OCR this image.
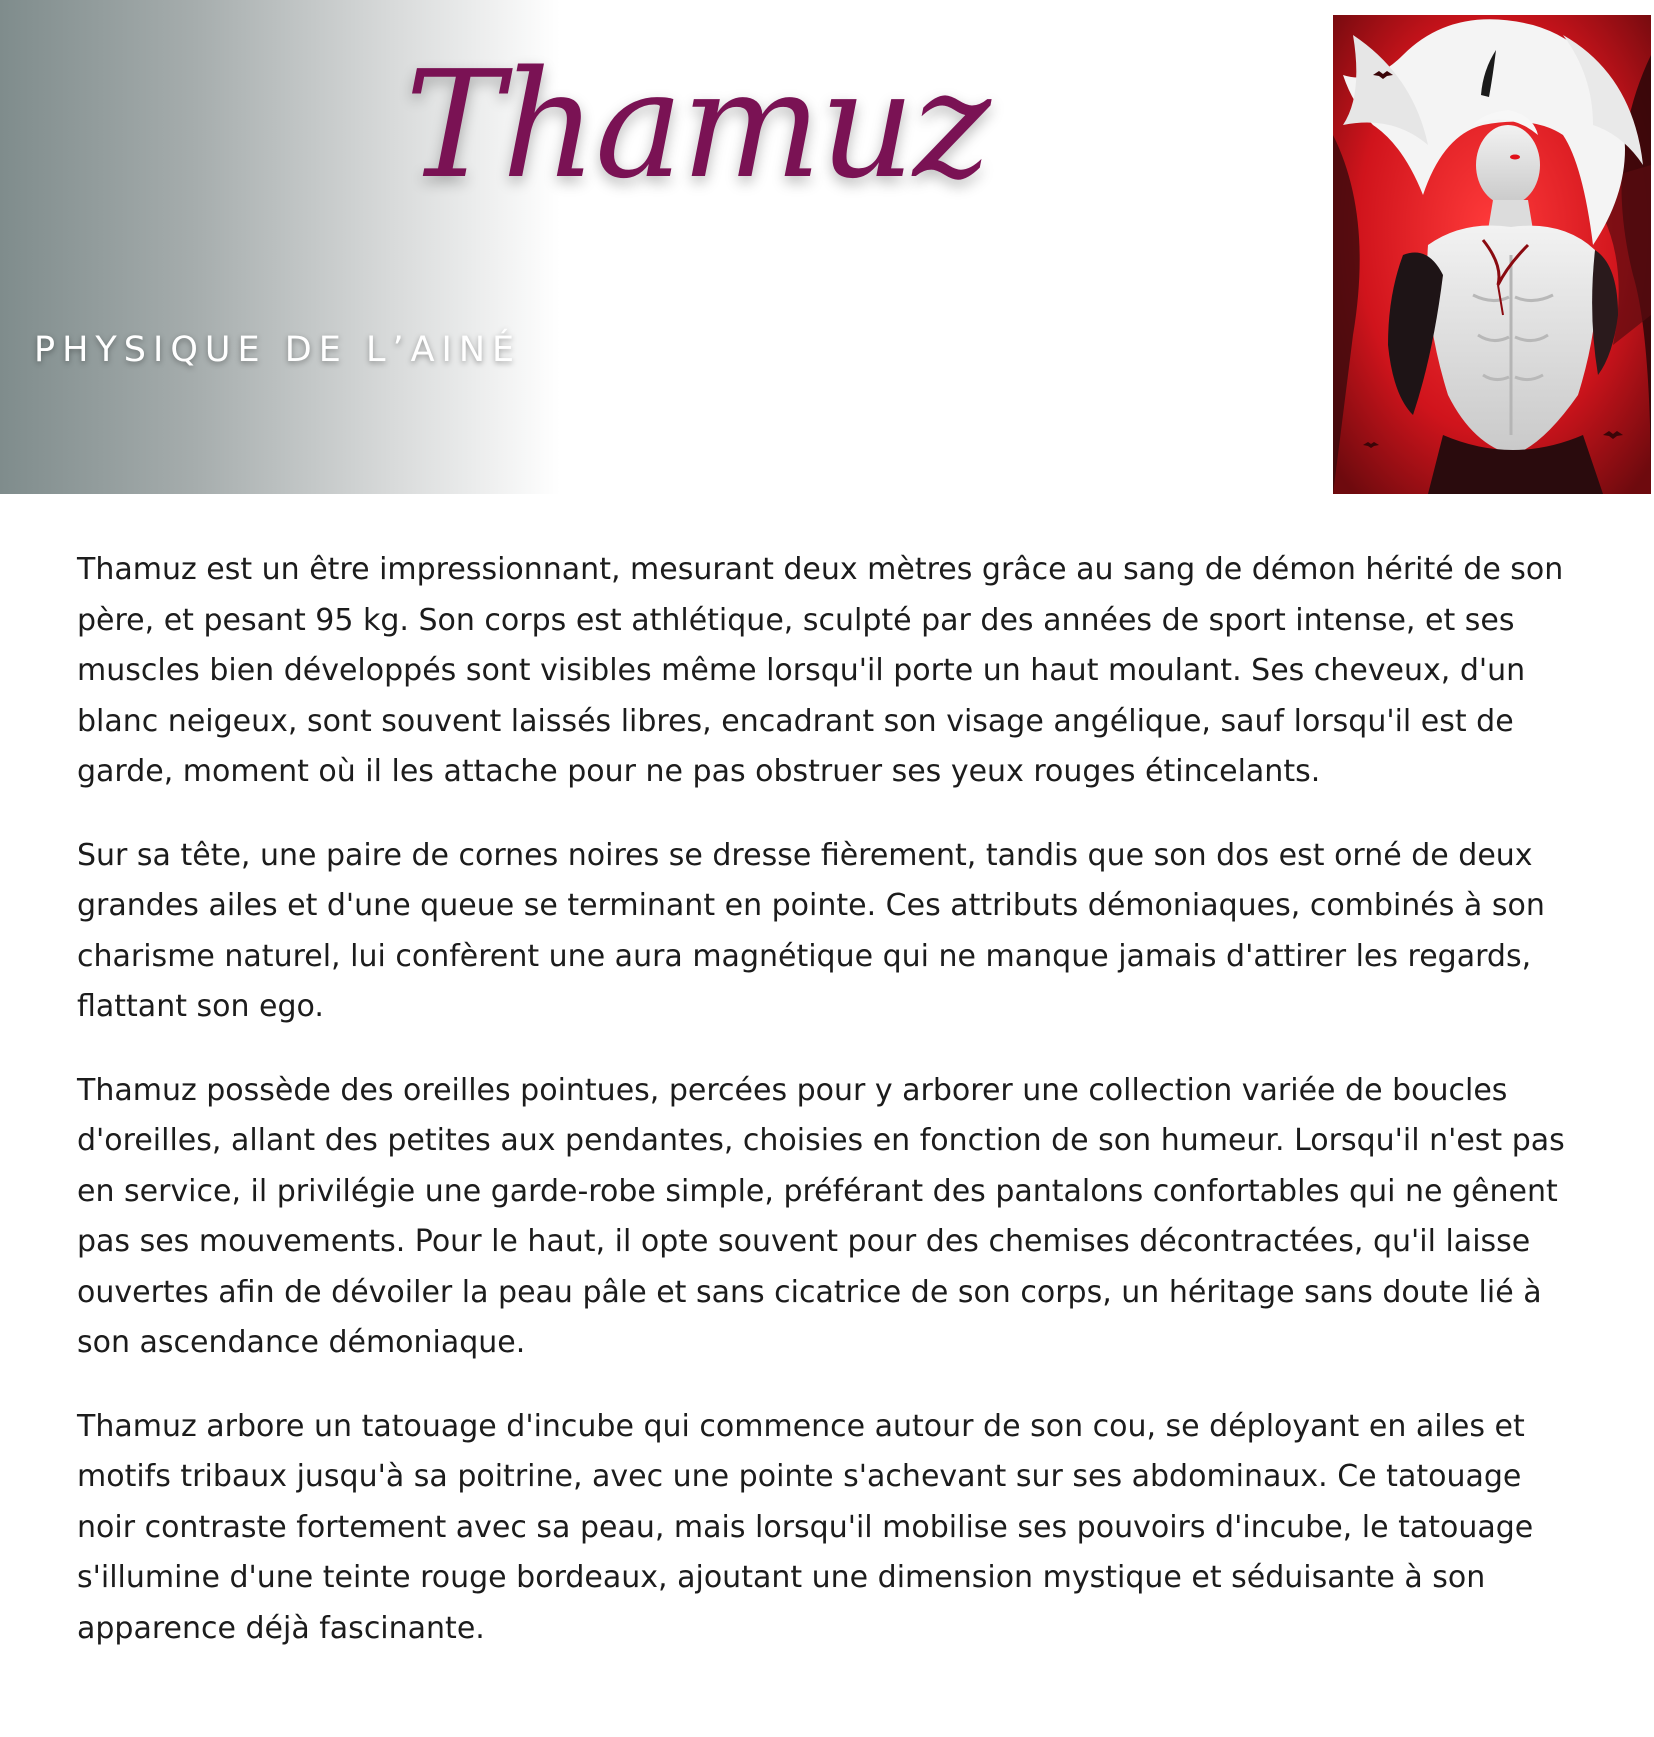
Thamuz
PHYSIQUE DE L’AINÉ

Thamuz est un être impressionnant, mesurant deux mètres grâce au sang de démon hérité de son père, et pesant 95 kg. Son corps est athlétique, sculpté par des années de sport intense, et ses muscles bien développés sont visibles même lorsqu'il porte un haut moulant. Ses cheveux, d'un blanc neigeux, sont souvent laissés libres, encadrant son visage angélique, sauf lorsqu'il est de garde, moment où il les attache pour ne pas obstruer ses yeux rouges étincelants.

Sur sa tête, une paire de cornes noires se dresse fièrement, tandis que son dos est orné de deux grandes ailes et d'une queue se terminant en pointe. Ces attributs démoniaques, combinés à son charisme naturel, lui confèrent une aura magnétique qui ne manque jamais d'attirer les regards, flattant son ego.

Thamuz possède des oreilles pointues, percées pour y arborer une collection variée de boucles d'oreilles, allant des petites aux pendantes, choisies en fonction de son humeur. Lorsqu'il n'est pas en service, il privilégie une garde-robe simple, préférant des pantalons confortables qui ne gênent pas ses mouvements. Pour le haut, il opte souvent pour des chemises décontractées, qu'il laisse ouvertes afin de dévoiler la peau pâle et sans cicatrice de son corps, un héritage sans doute lié à son ascendance démoniaque.

Thamuz arbore un tatouage d'incube qui commence autour de son cou, se déployant en ailes et motifs tribaux jusqu'à sa poitrine, avec une pointe s'achevant sur ses abdominaux. Ce tatouage noir contraste fortement avec sa peau, mais lorsqu'il mobilise ses pouvoirs d'incube, le tatouage s'illumine d'une teinte rouge bordeaux, ajoutant une dimension mystique et séduisante à son apparence déjà fascinante.
